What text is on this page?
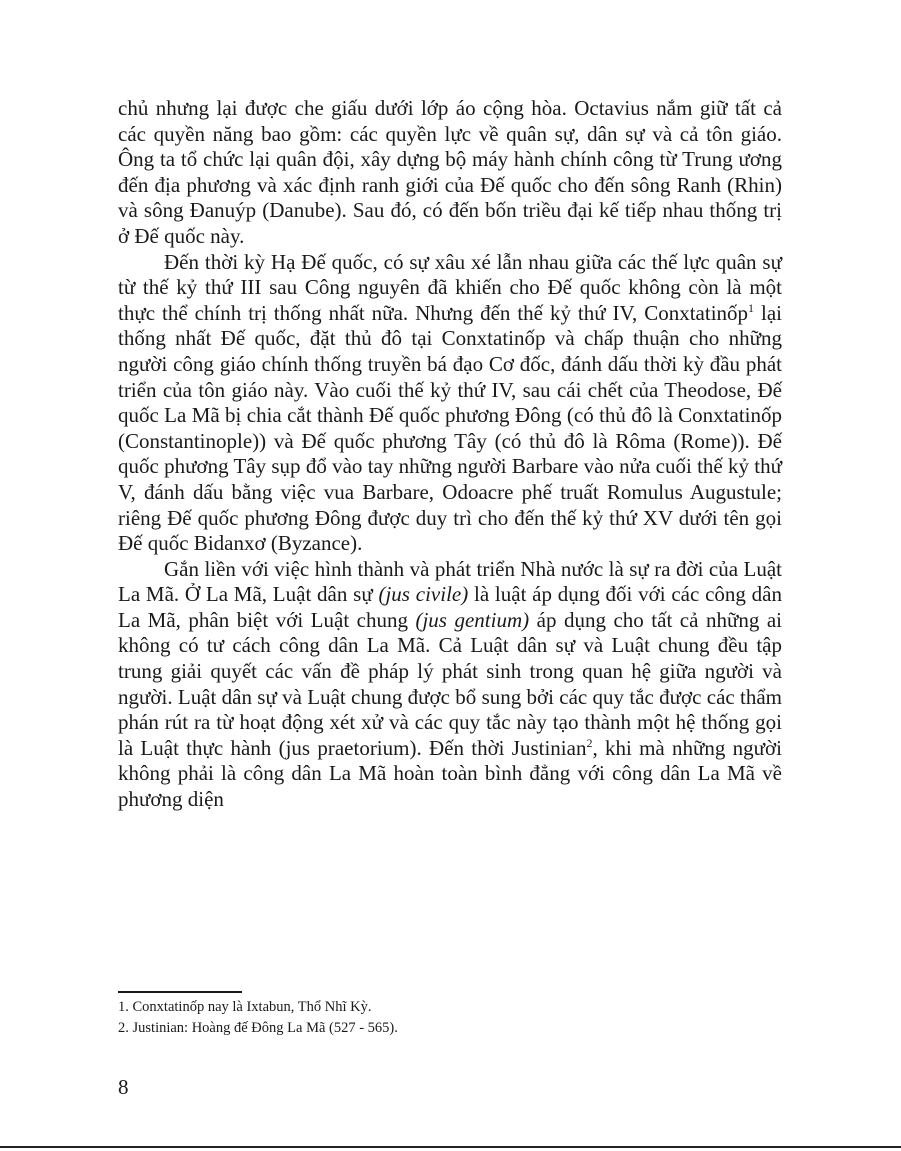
chủ nhưng lại được che giấu dưới lớp áo cộng hòa. Octavius nắm giữ tất cả các quyền năng bao gồm: các quyền lực về quân sự, dân sự và cả tôn giáo. Ông ta tổ chức lại quân đội, xây dựng bộ máy hành chính công từ Trung ương đến địa phương và xác định ranh giới của Đế quốc cho đến sông Ranh (Rhin) và sông Đanuýp (Danube). Sau đó, có đến bốn triều đại kế tiếp nhau thống trị ở Đế quốc này.

Đến thời kỳ Hạ Đế quốc, có sự xâu xé lẫn nhau giữa các thế lực quân sự từ thế kỷ thứ III sau Công nguyên đã khiến cho Đế quốc không còn là một thực thể chính trị thống nhất nữa. Nhưng đến thế kỷ thứ IV, Conxtatinốp$^1$ lại thống nhất Đế quốc, đặt thủ đô tại Conxtatinốp và chấp thuận cho những người công giáo chính thống truyền bá đạo Cơ đốc, đánh dấu thời kỳ đầu phát triển của tôn giáo này. Vào cuối thế kỷ thứ IV, sau cái chết của Theodose, Đế quốc La Mã bị chia cắt thành Đế quốc phương Đông (có thủ đô là Conxtatinốp (Constantinople)) và Đế quốc phương Tây (có thủ đô là Rôma (Rome)). Đế quốc phương Tây sụp đổ vào tay những người Barbare vào nửa cuối thế kỷ thứ V, đánh dấu bằng việc vua Barbare, Odoacre phế truất Romulus Augustule; riêng Đế quốc phương Đông được duy trì cho đến thế kỷ thứ XV dưới tên gọi Đế quốc Bidanxơ (Byzance).

Gắn liền với việc hình thành và phát triển Nhà nước là sự ra đời của Luật La Mã. Ở La Mã, Luật dân sự (jus civile) là luật áp dụng đối với các công dân La Mã, phân biệt với Luật chung (jus gentium) áp dụng cho tất cả những ai không có tư cách công dân La Mã. Cả Luật dân sự và Luật chung đều tập trung giải quyết các vấn đề pháp lý phát sinh trong quan hệ giữa người và người. Luật dân sự và Luật chung được bổ sung bởi các quy tắc được các thẩm phán rút ra từ hoạt động xét xử và các quy tắc này tạo thành một hệ thống gọi là Luật thực hành (jus praetorium). Đến thời Justinian$^2$, khi mà những người không phải là công dân La Mã hoàn toàn bình đẳng với công dân La Mã về phương diện

1. Conxtatinốp nay là Ixtabun, Thổ Nhĩ Kỳ.

2. Justinian: Hoàng đế Đông La Mã (527 - 565).

8
